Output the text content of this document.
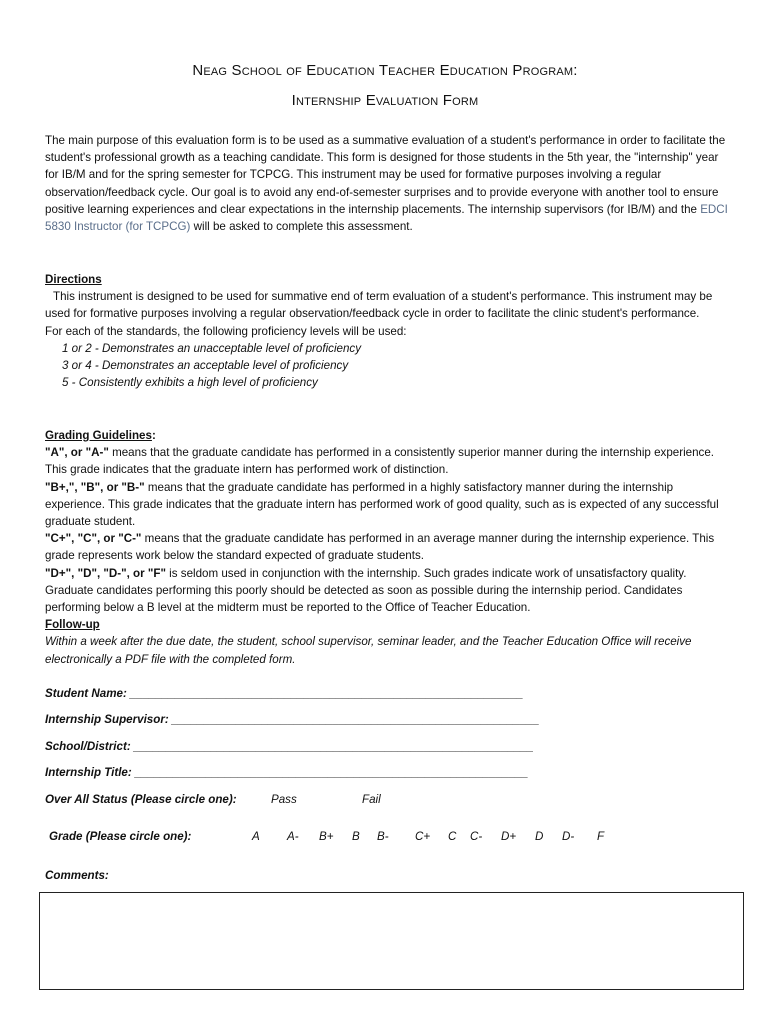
Neag School of Education Teacher Education Program:
Internship Evaluation Form
The main purpose of this evaluation form is to be used as a summative evaluation of a student's performance in order to facilitate the student's professional growth as a teaching candidate. This form is designed for those students in the 5th year, the "internship" year for IB/M and for the spring semester for TCPCG. This instrument may be used for formative purposes involving a regular observation/feedback cycle. Our goal is to avoid any end-of-semester surprises and to provide everyone with another tool to ensure positive learning experiences and clear expectations in the internship placements. The internship supervisors (for IB/M) and the EDCI 5830 Instructor (for TCPCG) will be asked to complete this assessment.
Directions
This instrument is designed to be used for summative end of term evaluation of a student's performance. This instrument may be used for formative purposes involving a regular observation/feedback cycle in order to facilitate the clinic student's performance.
For each of the standards, the following proficiency levels will be used:
1 or 2 - Demonstrates an unacceptable level of proficiency
3 or 4 - Demonstrates an acceptable level of proficiency
5 - Consistently exhibits a high level of proficiency
Grading Guidelines:
"A", or "A-" means that the graduate candidate has performed in a consistently superior manner during the internship experience. This grade indicates that the graduate intern has performed work of distinction.
"B+,", "B", or "B-" means that the graduate candidate has performed in a highly satisfactory manner during the internship experience. This grade indicates that the graduate intern has performed work of good quality, such as is expected of any successful graduate student.
"C+", "C", or "C-" means that the graduate candidate has performed in an average manner during the internship experience. This grade represents work below the standard expected of graduate students.
"D+", "D", "D-", or "F" is seldom used in conjunction with the internship. Such grades indicate work of unsatisfactory quality. Graduate candidates performing this poorly should be detected as soon as possible during the internship period. Candidates performing below a B level at the midterm must be reported to the Office of Teacher Education.
Follow-up
Within a week after the due date, the student, school supervisor, seminar leader, and the Teacher Education Office will receive electronically a PDF file with the completed form.
Student Name: _____________________________________________________________
Internship Supervisor: _________________________________________________________
School/District: ______________________________________________________________
Internship Title: _____________________________________________________________
Over All Status (Please circle one):	Pass	Fail
Grade (Please circle one):	A A- B+ B B- C+ C C- D+ D D- F
Comments:
